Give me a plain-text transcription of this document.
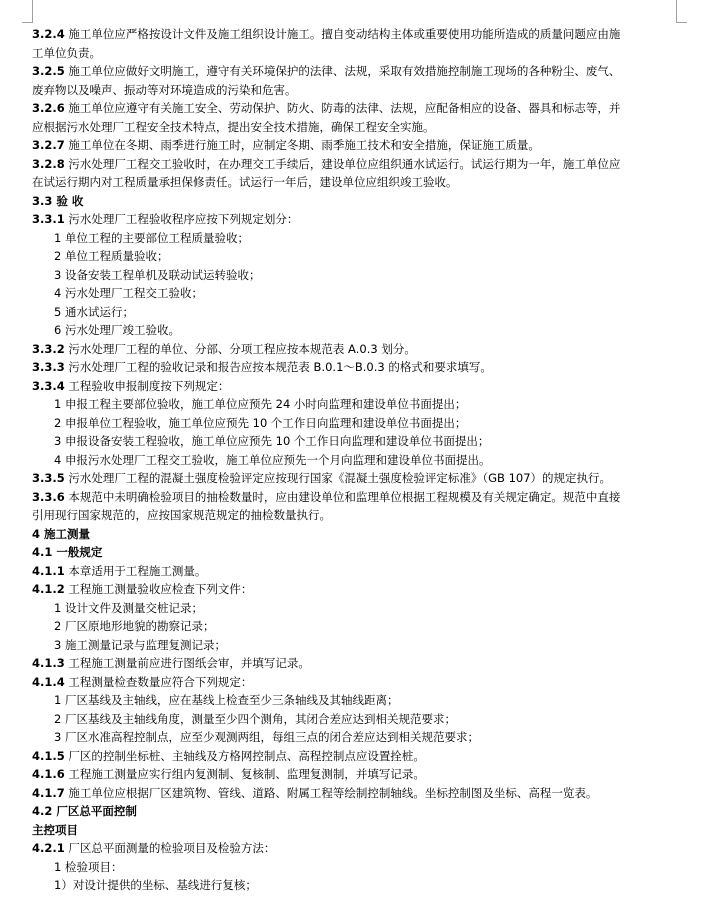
3.2.4 施工单位应严格按设计文件及施工组织设计施工。擅自变动结构主体或重要使用功能所造成的质量问题应由施
工单位负责。
3.2.5 施工单位应做好文明施工，遵守有关环境保护的法律、法规，采取有效措施控制施工现场的各种粉尘、废气、
废弃物以及噪声、振动等对环境造成的污染和危害。
3.2.6 施工单位应遵守有关施工安全、劳动保护、防火、防毒的法律、法规，应配备相应的设备、器具和标志等，并
应根据污水处理厂工程安全技术特点，提出安全技术措施，确保工程安全实施。
3.2.7 施工单位在冬期、雨季进行施工时，应制定冬期、雨季施工技术和安全措施，保证施工质量。
3.2.8 污水处理厂工程交工验收时，在办理交工手续后，建设单位应组织通水试运行。试运行期为一年，施工单位应
在试运行期内对工程质量承担保修责任。试运行一年后，建设单位应组织竣工验收。
3.3 验 收
3.3.1 污水处理厂工程验收程序应按下列规定划分：
1 单位工程的主要部位工程质量验收；
2 单位工程质量验收；
3 设备安装工程单机及联动试运转验收；
4 污水处理厂工程交工验收；
5 通水试运行；
6 污水处理厂竣工验收。
3.3.2 污水处理厂工程的单位、分部、分项工程应按本规范表 A.0.3 划分。
3.3.3 污水处理厂工程的验收记录和报告应按本规范表 B.0.1～B.0.3 的格式和要求填写。
3.3.4 工程验收申报制度按下列规定：
1 申报工程主要部位验收，施工单位应预先 24 小时向监理和建设单位书面提出；
2 申报单位工程验收，施工单位应预先 10 个工作日向监理和建设单位书面提出；
3 申报设备安装工程验收，施工单位应预先 10 个工作日向监理和建设单位书面提出；
4 申报污水处理厂工程交工验收，施工单位应预先一个月向监理和建设单位书面提出。
3.3.5 污水处理厂工程的混凝土强度检验评定应按现行国家《混凝土强度检验评定标准》（GB 107）的规定执行。
3.3.6 本规范中未明确检验项目的抽检数量时，应由建设单位和监理单位根据工程规模及有关规定确定。规范中直接
引用现行国家规范的，应按国家规范规定的抽检数量执行。
4 施工测量
4.1 一般规定
4.1.1 本章适用于工程施工测量。
4.1.2 工程施工测量验收应检查下列文件：
1 设计文件及测量交桩记录；
2 厂区原地形地貌的勘察记录；
3 施工测量记录与监理复测记录；
4.1.3 工程施工测量前应进行图纸会审，并填写记录。
4.1.4 工程测量检查数量应符合下列规定：
1 厂区基线及主轴线，应在基线上检查至少三条轴线及其轴线距离；
2 厂区基线及主轴线角度，测量至少四个测角，其闭合差应达到相关规范要求；
3 厂区水准高程控制点，应至少观测两组，每组三点的闭合差应达到相关规范要求；
4.1.5 厂区的控制坐标桩、主轴线及方格网控制点、高程控制点应设置拴桩。
4.1.6 工程施工测量应实行组内复测制、复核制、监理复测制，并填写记录。
4.1.7 施工单位应根据厂区建筑物、管线、道路、附属工程等绘制控制轴线。坐标控制图及坐标、高程一览表。
4.2 厂区总平面控制
主控项目
4.2.1 厂区总平面测量的检验项目及检验方法：
1 检验项目：
1）对设计提供的坐标、基线进行复核；
